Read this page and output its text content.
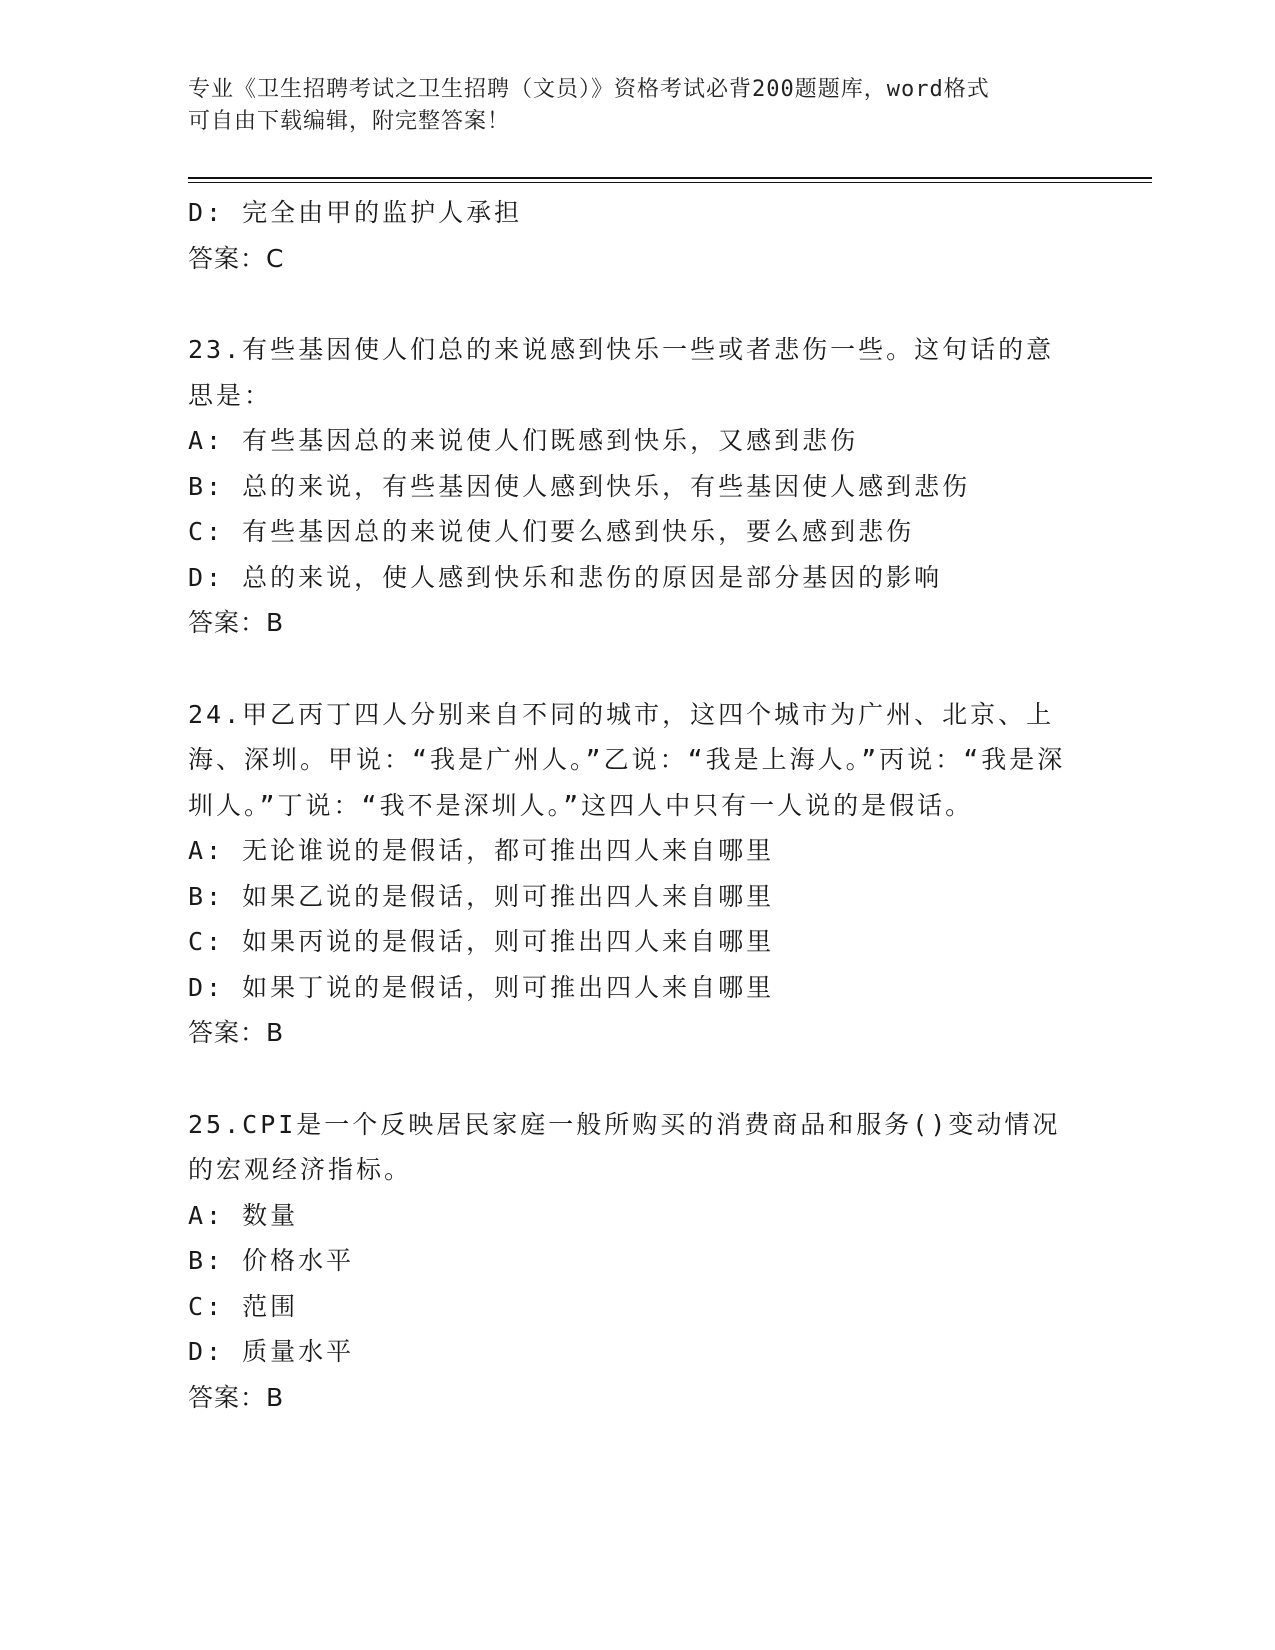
专业《卫生招聘考试之卫生招聘（文员）》资格考试必背200题题库，word格式
可自由下载编辑，附完整答案！

D: 完全由甲的监护人承担

答案：C

23.有些基因使人们总的来说感到快乐一些或者悲伤一些。这句话的意思是：

A: 有些基因总的来说使人们既感到快乐，又感到悲伤

B: 总的来说，有些基因使人感到快乐，有些基因使人感到悲伤

C: 有些基因总的来说使人们要么感到快乐，要么感到悲伤

D: 总的来说，使人感到快乐和悲伤的原因是部分基因的影响

答案：B

24.甲乙丙丁四人分别来自不同的城市，这四个城市为广州、北京、上海、深圳。甲说：“我是广州人。”乙说：“我是上海人。”丙说：“我是深圳人。”丁说：“我不是深圳人。”这四人中只有一人说的是假话。

A: 无论谁说的是假话，都可推出四人来自哪里

B: 如果乙说的是假话，则可推出四人来自哪里

C: 如果丙说的是假话，则可推出四人来自哪里

D: 如果丁说的是假话，则可推出四人来自哪里

答案：B

25.CPI是一个反映居民家庭一般所购买的消费商品和服务()变动情况的宏观经济指标。

A: 数量

B: 价格水平

C: 范围

D: 质量水平

答案：B
